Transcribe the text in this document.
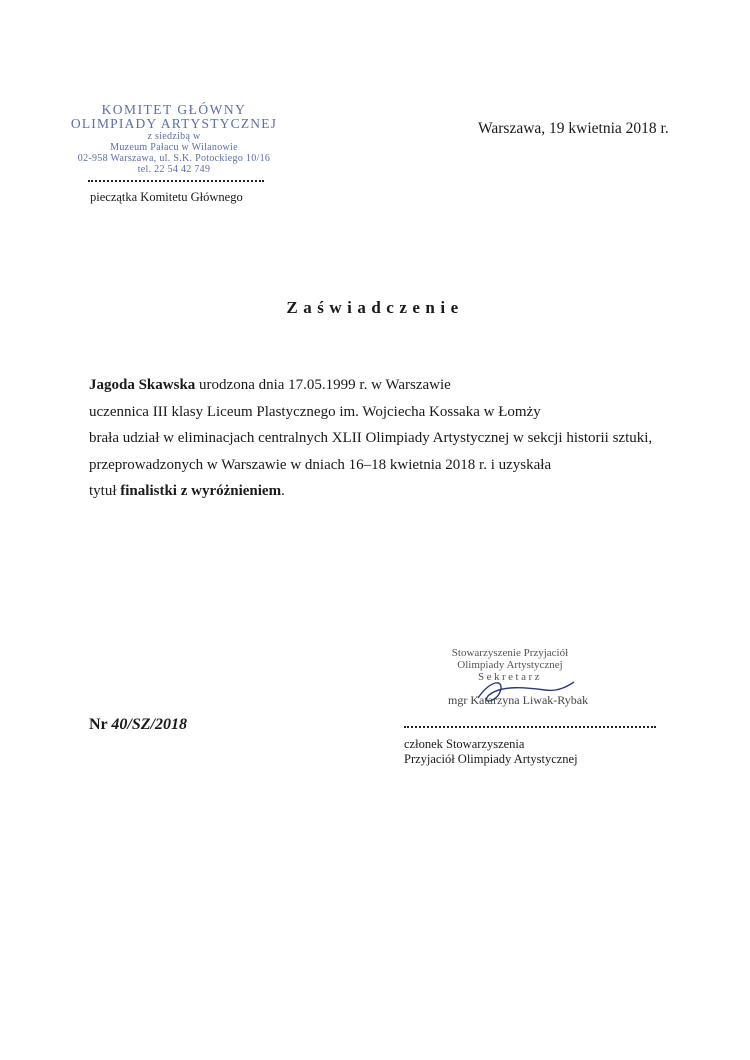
KOMITET GŁÓWNY
OLIMPIADY ARTYSTYCZNEJ
z siedzibą w
Muzeum Pałacu w Wilanowie
02-958 Warszawa, ul. S.K. Potockiego 10/16
tel. 22 54 42 749
pieczątka Komitetu Głównego
Warszawa, 19 kwietnia 2018 r.
Zaświadczenie
Jagoda Skawska urodzona dnia 17.05.1999 r. w Warszawie
uczennica III klasy Liceum Plastycznego im. Wojciecha Kossaka w Łomży
brała udział w eliminacjach centralnych XLII Olimpiady Artystycznej w sekcji historii sztuki,
przeprowadzonych w Warszawie w dniach 16–18 kwietnia 2018 r. i uzyskała
tytuł finalistki z wyróżnieniem.
Stowarzyszenie Przyjaciół
Olimpiady Artystycznej
Sekretarz
mgr Katarzyna Liwak-Rybak
członek Stowarzyszenia
Przyjaciół Olimpiady Artystycznej
Nr 40/SZ/2018
